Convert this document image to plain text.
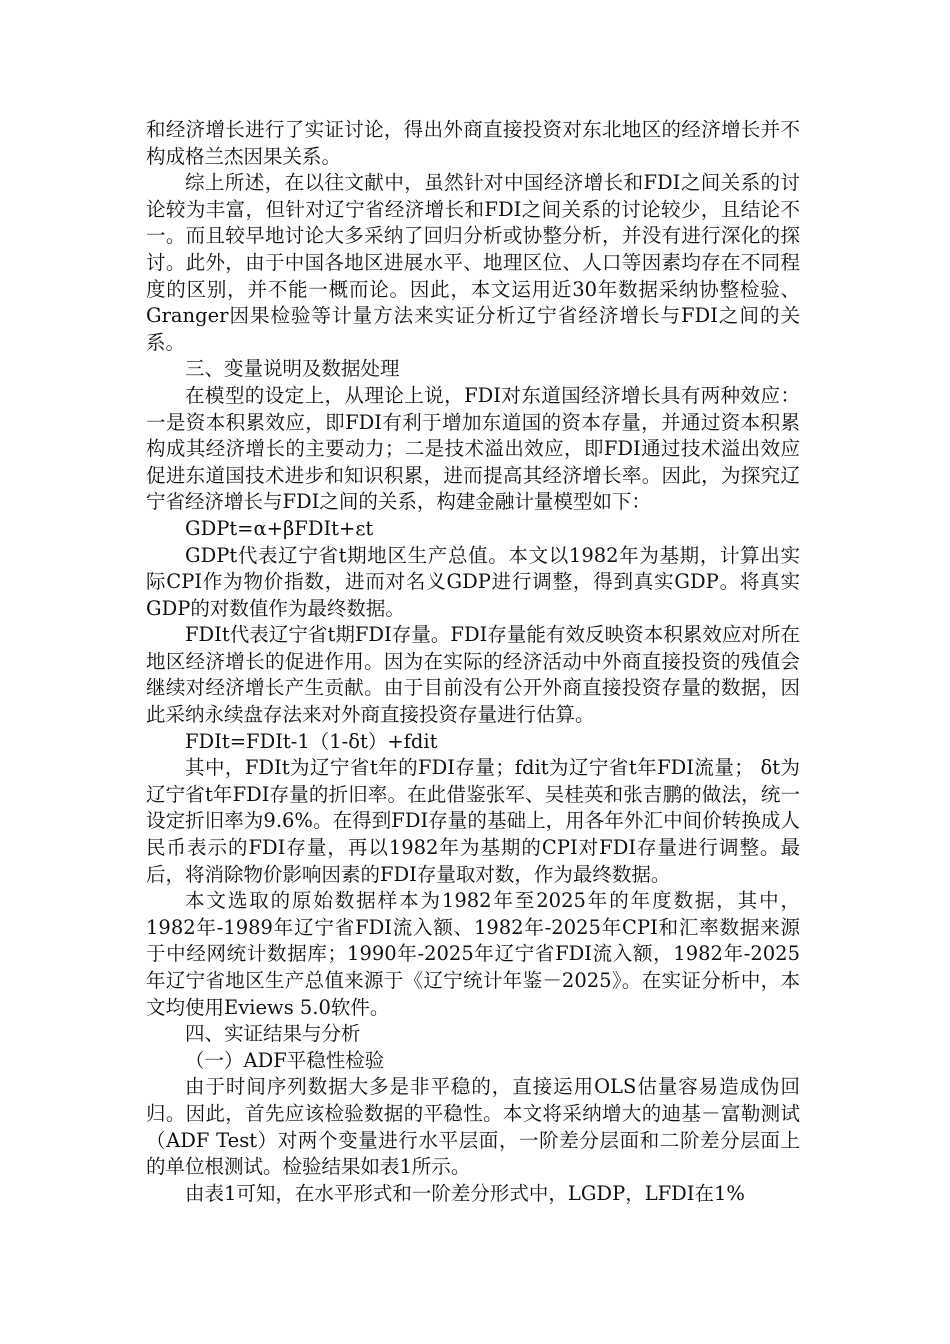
和经济增长进行了实证讨论，得出外商直接投资对东北地区的经济增长并不构成格兰杰因果关系。

综上所述，在以往文献中，虽然针对中国经济增长和FDI之间关系的讨论较为丰富，但针对辽宁省经济增长和FDI之间关系的讨论较少，且结论不一。而且较早地讨论大多采纳了回归分析或协整分析，并没有进行深化的探讨。此外，由于中国各地区进展水平、地理区位、人口等因素均存在不同程度的区别，并不能一概而论。因此，本文运用近30年数据采纳协整检验、Granger因果检验等计量方法来实证分析辽宁省经济增长与FDI之间的关系。

三、变量说明及数据处理

在模型的设定上，从理论上说，FDI对东道国经济增长具有两种效应：一是资本积累效应，即FDI有利于增加东道国的资本存量，并通过资本积累构成其经济增长的主要动力；二是技术溢出效应，即FDI通过技术溢出效应促进东道国技术进步和知识积累，进而提高其经济增长率。因此，为探究辽宁省经济增长与FDI之间的关系，构建金融计量模型如下：

GDPt=α+βFDIt+εt

GDPt代表辽宁省t期地区生产总值。本文以1982年为基期，计算出实际CPI作为物价指数，进而对名义GDP进行调整，得到真实GDP。将真实GDP的对数值作为最终数据。

FDIt代表辽宁省t期FDI存量。FDI存量能有效反映资本积累效应对所在地区经济增长的促进作用。因为在实际的经济活动中外商直接投资的残值会继续对经济增长产生贡献。由于目前没有公开外商直接投资存量的数据，因此采纳永续盘存法来对外商直接投资存量进行估算。

FDIt=FDIt-1（1-δt）+fdit

其中，FDIt为辽宁省t年的FDI存量；fdit为辽宁省t年FDI流量； δt为辽宁省t年FDI存量的折旧率。在此借鉴张军、吴桂英和张吉鹏的做法，统一设定折旧率为9.6%。在得到FDI存量的基础上，用各年外汇中间价转换成人民币表示的FDI存量，再以1982年为基期的CPI对FDI存量进行调整。最后，将消除物价影响因素的FDI存量取对数，作为最终数据。

本文选取的原始数据样本为1982年至2025年的年度数据，其中，1982年-1989年辽宁省FDI流入额、1982年-2025年CPI和汇率数据来源于中经网统计数据库；1990年-2025年辽宁省FDI流入额，1982年-2025年辽宁省地区生产总值来源于《辽宁统计年鉴－2025》。在实证分析中，本文均使用Eviews 5.0软件。

四、实证结果与分析

（一）ADF平稳性检验

由于时间序列数据大多是非平稳的，直接运用OLS估量容易造成伪回归。因此，首先应该检验数据的平稳性。本文将采纳增大的迪基－富勒测试（ADF Test）对两个变量进行水平层面，一阶差分层面和二阶差分层面上的单位根测试。检验结果如表1所示。

由表1可知，在水平形式和一阶差分形式中，LGDP，LFDI在1%
